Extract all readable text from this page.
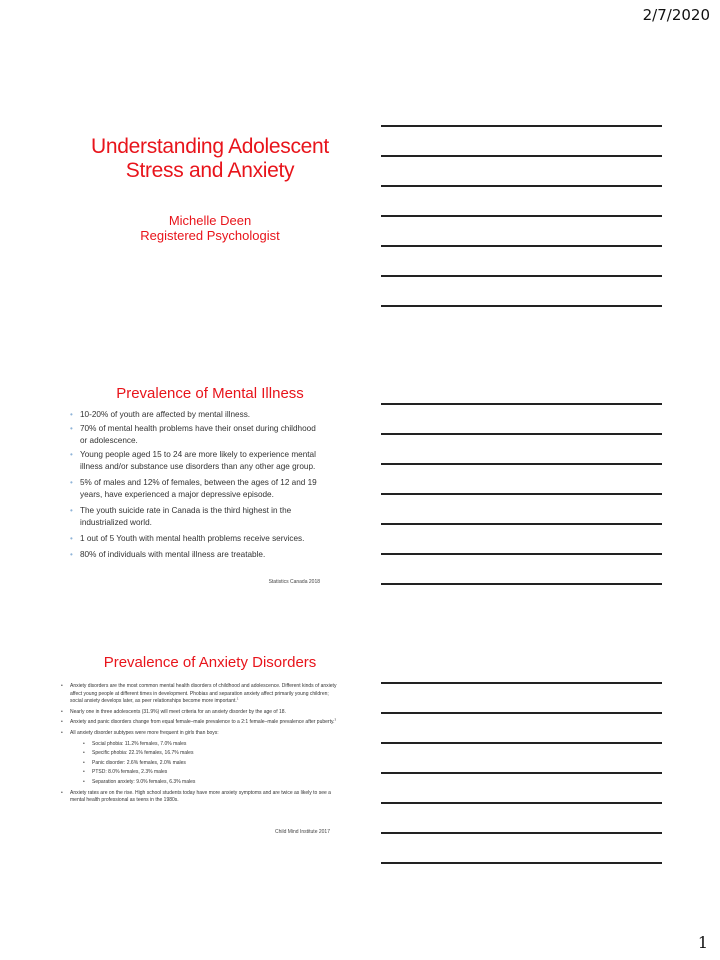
2/7/2020
Understanding Adolescent
Stress and Anxiety
Michelle Deen
Registered Psychologist
Prevalence of Mental Illness
• 10-20% of youth are affected by mental illness.
• 70% of mental health problems have their onset during childhood or adolescence.
• Young people aged 15 to 24 are more likely to experience mental illness and/or substance use disorders than any other age group.
• 5% of males and 12% of females, between the ages of 12 and 19 years, have experienced a major depressive episode.
• The youth suicide rate in Canada is the third highest in the industrialized world.
• 1 out of 5 Youth with mental health problems receive services.
• 80% of individuals with mental illness are treatable.
Statistics Canada 2018
Prevalence of Anxiety Disorders
• Anxiety disorders are the most common mental health disorders of childhood and adolescence. Different kinds of anxiety affect young people at different times in development. Phobias and separation anxiety affect primarily young children; social anxiety develops later, as peer relationships become more important.$^1$
• Nearly one in three adolescents (31.9%) will meet criteria for an anxiety disorder by the age of 18.
• Anxiety and panic disorders change from equal female–male prevalence to a 2:1 female–male prevalence after puberty.$^3$
• All anxiety disorder subtypes were more frequent in girls than boys:
• Social phobia: 11.2% females, 7.0% males
• Specific phobia: 22.1% females, 16.7% males
• Panic disorder: 2.6% females, 2.0% males
• PTSD: 8.0% females, 2.3% males
• Separation anxiety: 9.0% females, 6.3% males
• Anxiety rates are on the rise. High school students today have more anxiety symptoms and are twice as likely to see a mental health professional as teens in the 1980s.
Child Mind Institute 2017
1
